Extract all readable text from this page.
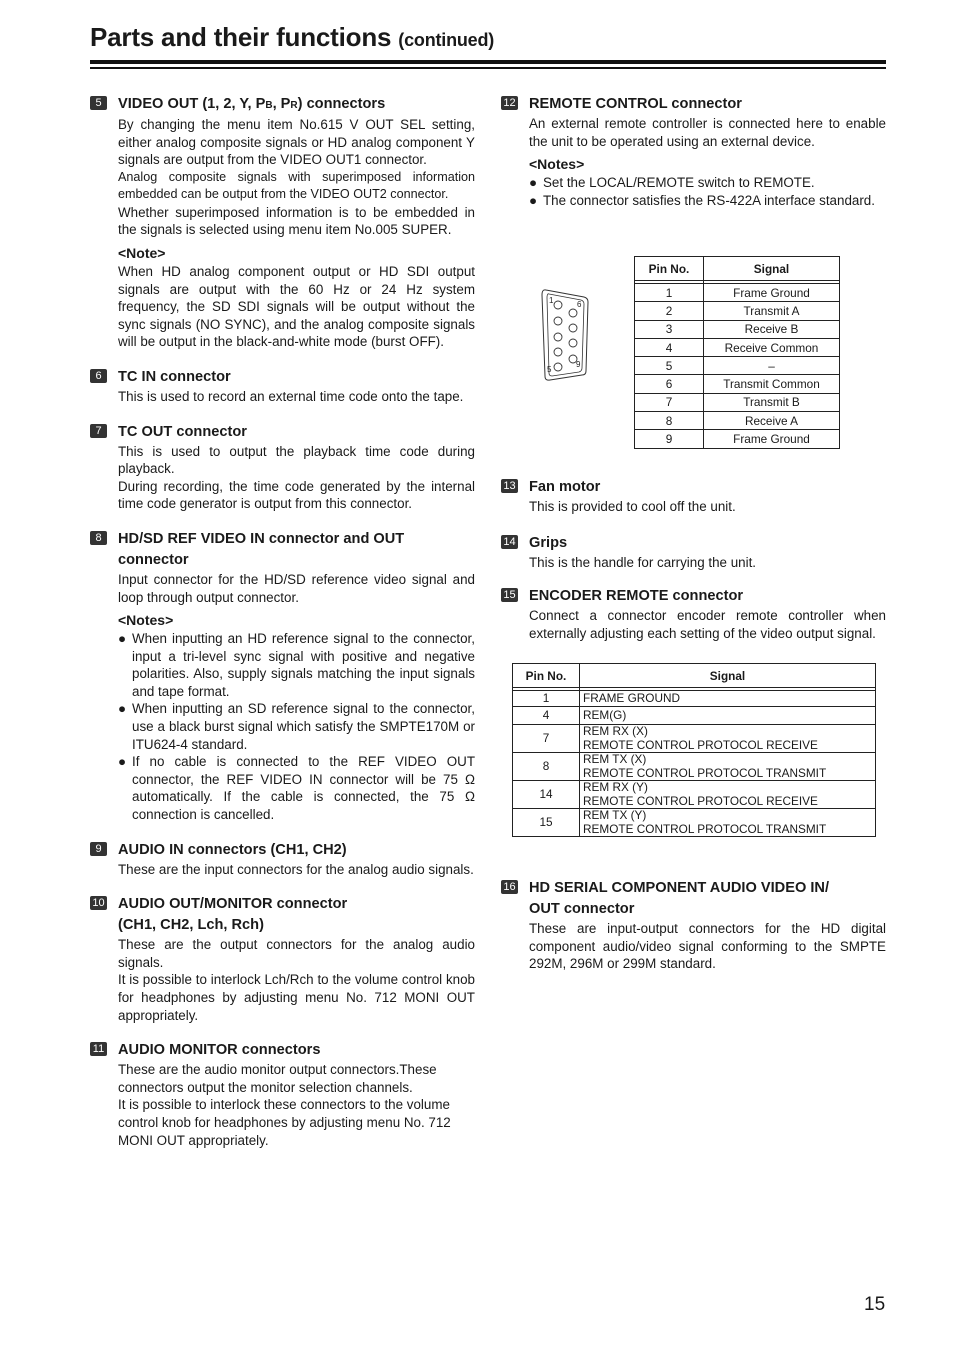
Parts and their functions (continued)
5	VIDEO OUT (1, 2, Y, PB, PR) connectors

By changing the menu item No.615 V OUT SEL setting, either analog composite signals or HD analog component Y signals are output from the VIDEO OUT1 connector.

Analog composite signals with superimposed information embedded can be output from the VIDEO OUT2 connector.

Whether superimposed information is to be embedded in the signals is selected using menu item No.005 SUPER.

<Note>

When HD analog component output or HD SDI output signals are output with the 60 Hz or 24 Hz system frequency, the SD SDI signals will be output without the sync signals (NO SYNC), and the analog composite signals will be output in the black-and-white mode (burst OFF).

6	TC IN connector

This is used to record an external time code onto the tape.

7	TC OUT connector

This is used to output the playback time code during playback.

During recording, the time code generated by the internal time code generator is output from this connector.

8	HD/SD REF VIDEO IN connector and OUT
connector

Input connector for the HD/SD reference video signal and loop through output connector.

<Notes>
● When inputting an HD reference signal to the connector, input a tri-level sync signal with positive and negative polarities. Also, supply signals matching the input signals and tape format.
● When inputting an SD reference signal to the connector, use a black burst signal which satisfy the SMPTE170M or ITU624-4 standard.
● If no cable is connected to the REF VIDEO OUT connector, the REF VIDEO IN connector will be 75 Ω automatically. If the cable is connected, the 75 Ω connection is cancelled.
9	AUDIO IN connectors (CH1, CH2)

These are the input connectors for the analog audio signals.

10 AUDIO OUT/MONITOR connector
(CH1, CH2, Lch, Rch)

These are the output connectors for the analog audio signals.

It is possible to interlock Lch/Rch to the volume control knob for headphones by adjusting menu No. 712 MONI OUT appropriately.

11 AUDIO MONITOR connectors

These are the audio monitor output connectors.These connectors output the monitor selection channels.

It is possible to interlock these connectors to the volume control knob for headphones by adjusting menu No. 712 MONI OUT appropriately.

12 REMOTE CONTROL connector

An external remote controller is connected here to enable the unit to be operated using an external device.

<Notes>
● Set the LOCAL/REMOTE switch to REMOTE.
● The connector satisfies the RS-422A interface standard.
1	6
5
9
Pin No.	Signal

1	Frame Ground
2	Transmit A
3	Receive B
4	Receive Common
5	–
6	Transmit Common
7	Transmit B
8	Receive A
9	Frame Ground
13 Fan motor

This is provided to cool off the unit.

14 Grips

This is the handle for carrying the unit.

15 ENCODER REMOTE connector

Connect a connector encoder remote controller when externally adjusting each setting of the video output signal.

Pin No.	Signal

1	FRAME GROUND
4	REM(G)
7	REM RX (X)
REMOTE CONTROL PROTOCOL RECEIVE
8	REM TX (X)
REMOTE CONTROL PROTOCOL TRANSMIT
14	REM RX (Y)
REMOTE CONTROL PROTOCOL RECEIVE
15	REM TX (Y)
REMOTE CONTROL PROTOCOL TRANSMIT
16 HD SERIAL COMPONENT AUDIO VIDEO IN/
OUT connector

These are input-output connectors for the HD digital component audio/video signal conforming to the SMPTE 292M, 296M or 299M standard.

15
